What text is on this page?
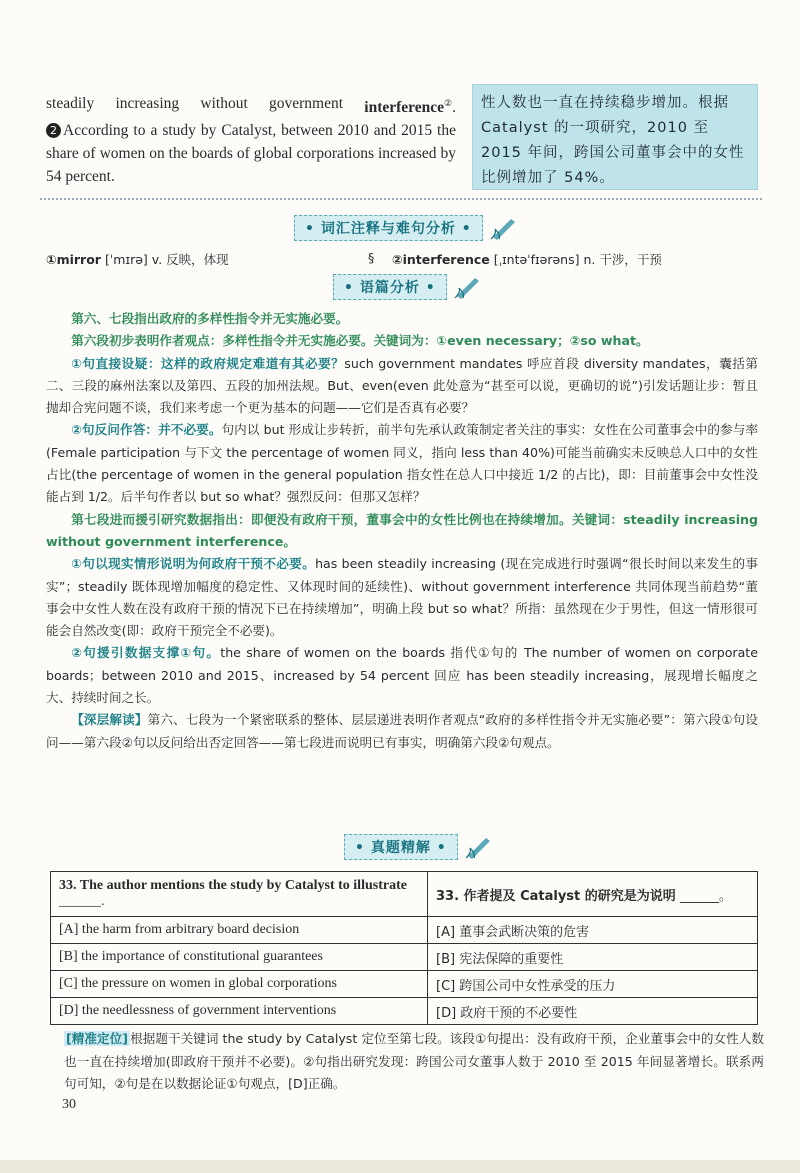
steadily increasing without government interference②.
2 According to a study by Catalyst, between 2010 and 2015 the share of women on the boards of global corporations increased by 54 percent.
性人数也一直在持续稳步增加。根据 Catalyst 的一项研究，2010 至 2015 年间，跨国公司董事会中的女性比例增加了 54%。
• 词汇注释与难句分析 •
①mirror [ˈmɪrə] v. 反映，体现	§ ②interference [ˌɪntəˈfɪərəns] n. 干涉，干预
• 语篇分析 •

第六、七段指出政府的多样性指令并无实施必要。

第六段初步表明作者观点：多样性指令并无实施必要。关键词为：①even necessary；②so what。

①句直接设疑：这样的政府规定难道有其必要？such government mandates 呼应首段 diversity mandates，囊括第二、三段的麻州法案以及第四、五段的加州法规。But、even(even 此处意为“甚至可以说，更确切的说”)引发话题让步：暂且抛却合宪问题不谈，我们来考虑一个更为基本的问题——它们是否真有必要？

②句反问作答：并不必要。句内以 but 形成让步转折，前半句先承认政策制定者关注的事实：女性在公司董事会中的参与率(Female participation 与下文 the percentage of women 同义，指向 less than 40%)可能当前确实未反映总人口中的女性占比(the percentage of women in the general population 指女性在总人口中接近 1/2 的占比)，即：目前董事会中女性没能占到 1/2。后半句作者以 but so what？强烈反问：但那又怎样？

第七段进而援引研究数据指出：即便没有政府干预，董事会中的女性比例也在持续增加。关键词：steadily increasing without government interference。

①句以现实情形说明为何政府干预不必要。has been steadily increasing (现在完成进行时强调“很长时间以来发生的事实”；steadily 既体现增加幅度的稳定性、又体现时间的延续性)、without government interference 共同体现当前趋势“董事会中女性人数在没有政府干预的情况下已在持续增加”，明确上段 but so what？所指：虽然现在少于男性，但这一情形很可能会自然改变(即：政府干预完全不必要)。

②句援引数据支撑①句。the share of women on the boards 指代①句的 The number of women on corporate boards；between 2010 and 2015、increased by 54 percent 回应 has been steadily increasing，展现增长幅度之大、持续时间之长。

【深层解读】第六、七段为一个紧密联系的整体、层层递进表明作者观点“政府的多样性指令并无实施必要”：第六段①句设问——第六段②句以反问给出否定回答——第七段进而说明已有事实，明确第六段②句观点。

• 真题精解 •
33. The author mentions the study by Catalyst to illustrate ______.	33. 作者提及 Catalyst 的研究是为说明 ______。
[A] the harm from arbitrary board decision	[A] 董事会武断决策的危害
[B] the importance of constitutional guarantees	[B] 宪法保障的重要性
[C] the pressure on women in global corporations	[C] 跨国公司中女性承受的压力
[D] the needlessness of government interventions	[D] 政府干预的不必要性
[精准定位] 根据题干关键词 the study by Catalyst 定位至第七段。该段①句提出：没有政府干预，企业董事会中的女性人数也一直在持续增加(即政府干预并不必要)。②句指出研究发现：跨国公司女董事人数于 2010 至 2015 年间显著增长。联系两句可知，②句是在以数据论证①句观点，[D]正确。
30
